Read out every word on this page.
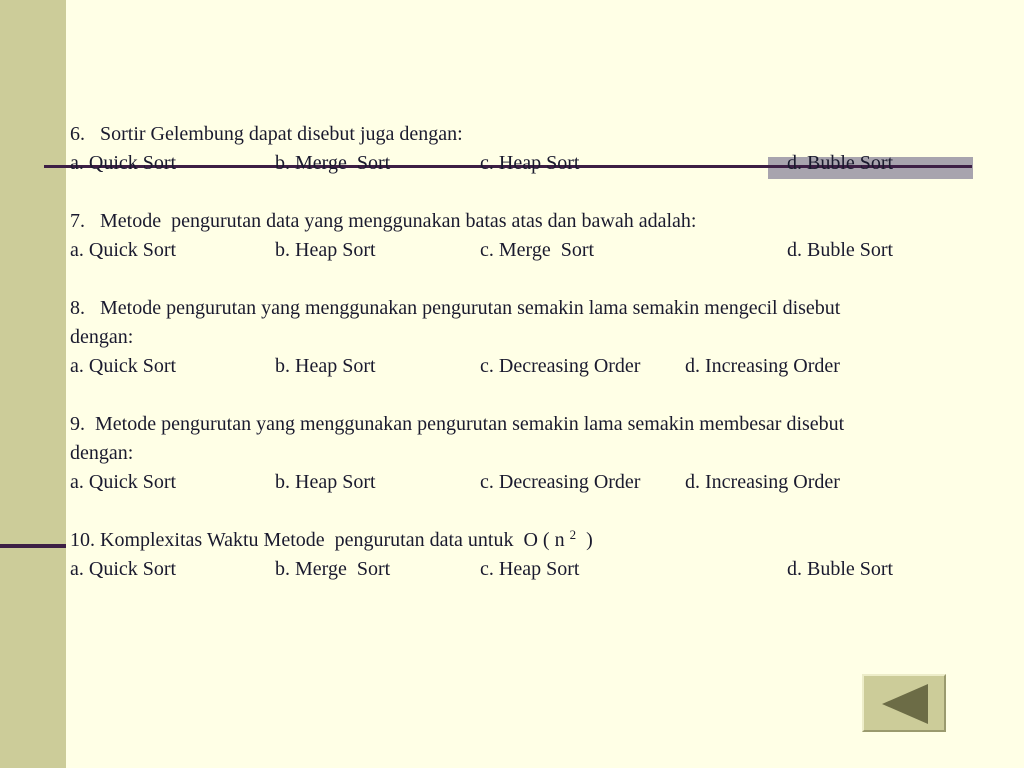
6.   Sortir Gelembung dapat disebut juga dengan:

a. Quick Sort

	b. Merge  Sort

	c. Heap Sort

	d. Buble Sort

7.   Metode  pengurutan data yang menggunakan batas atas dan bawah adalah:

a. Quick Sort

	b. Heap Sort

	c. Merge  Sort

	d. Buble Sort

8.   Metode pengurutan yang menggunakan pengurutan semakin lama semakin mengecil disebut
dengan:

a. Quick Sort

	b. Heap Sort

	c. Decreasing Order

d. Increasing Order

9.  Metode pengurutan yang menggunakan pengurutan semakin lama semakin membesar disebut
dengan:

a. Quick Sort

	b. Heap Sort

	c. Decreasing Order

d. Increasing Order

10. Komplexitas Waktu Metode  pengurutan data untuk  O ( n $^2$  )

a. Quick Sort

	b. Merge  Sort

	c. Heap Sort

	d. Buble Sort
